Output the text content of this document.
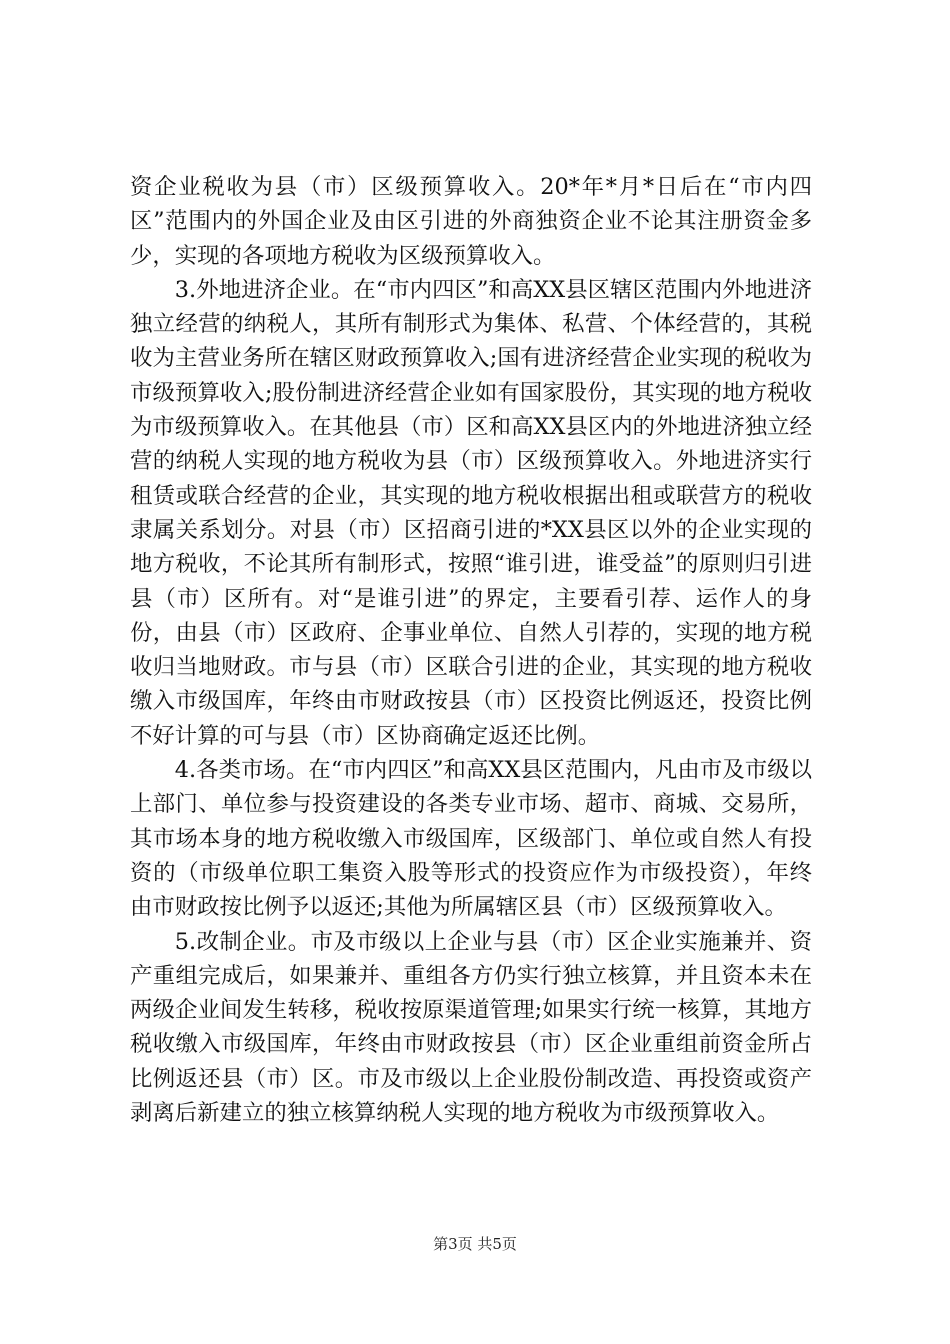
资企业税收为县（市）区级预算收入。20*年*月*日后在“市内四区”范围内的外国企业及由区引进的外商独资企业不论其注册资金多少，实现的各项地方税收为区级预算收入。

3.外地进济企业。在“市内四区”和高XX县区辖区范围内外地进济独立经营的纳税人，其所有制形式为集体、私营、个体经营的，其税收为主营业务所在辖区财政预算收入;国有进济经营企业实现的税收为市级预算收入;股份制进济经营企业如有国家股份，其实现的地方税收为市级预算收入。在其他县（市）区和高XX县区内的外地进济独立经营的纳税人实现的地方税收为县（市）区级预算收入。外地进济实行租赁或联合经营的企业，其实现的地方税收根据出租或联营方的税收隶属关系划分。对县（市）区招商引进的*XX县区以外的企业实现的地方税收，不论其所有制形式，按照“谁引进，谁受益”的原则归引进县（市）区所有。对“是谁引进”的界定，主要看引荐、运作人的身份，由县（市）区政府、企事业单位、自然人引荐的，实现的地方税收归当地财政。市与县（市）区联合引进的企业，其实现的地方税收缴入市级国库，年终由市财政按县（市）区投资比例返还，投资比例不好计算的可与县（市）区协商确定返还比例。

4.各类市场。在“市内四区”和高XX县区范围内，凡由市及市级以上部门、单位参与投资建设的各类专业市场、超市、商城、交易所，其市场本身的地方税收缴入市级国库，区级部门、单位或自然人有投资的（市级单位职工集资入股等形式的投资应作为市级投资），年终由市财政按比例予以返还;其他为所属辖区县（市）区级预算收入。

5.改制企业。市及市级以上企业与县（市）区企业实施兼并、资产重组完成后，如果兼并、重组各方仍实行独立核算，并且资本未在两级企业间发生转移，税收按原渠道管理;如果实行统一核算，其地方税收缴入市级国库，年终由市财政按县（市）区企业重组前资金所占比例返还县（市）区。市及市级以上企业股份制改造、再投资或资产剥离后新建立的独立核算纳税人实现的地方税收为市级预算收入。

第3页 共5页
